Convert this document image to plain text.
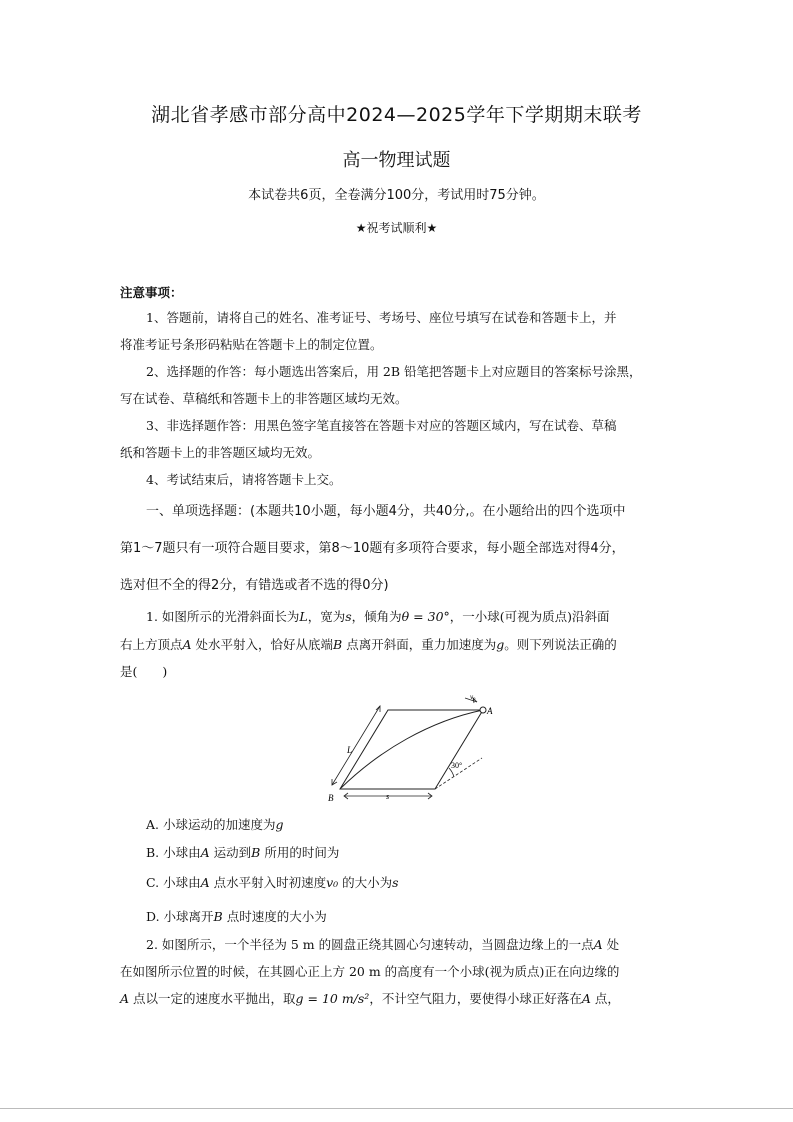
湖北省孝感市部分高中2024—2025学年下学期期末联考
高一物理试题
本试卷共6页，全卷满分100分，考试用时75分钟。
★祝考试顺利★
注意事项：
1、答题前，请将自己的姓名、准考证号、考场号、座位号填写在试卷和答题卡上，并
将准考证号条形码粘贴在答题卡上的制定位置。
2、选择题的作答：每小题选出答案后，用 2B 铅笔把答题卡上对应题目的答案标号涂黑，
写在试卷、草稿纸和答题卡上的非答题区域均无效。
3、非选择题作答：用黑色签字笔直接答在答题卡对应的答题区域内，写在试卷、草稿
纸和答题卡上的非答题区域均无效。
4、考试结束后，请将答题卡上交。
一、单项选择题：(本题共10小题，每小题4分，共40分,。在小题给出的四个选项中
第1～7题只有一项符合题目要求，第8～10题有多项符合要求，每小题全部选对得4分，
选对但不全的得2分，有错选或者不选的得0分)
1. 如图所示的光滑斜面长为L，宽为s，倾角为θ = 30°，一小球(可视为质点)沿斜面
右上方顶点A 处水平射入，恰好从底端B 点离开斜面，重力加速度为g。则下列说法正确的
是(　　)
A
B
L
v₀
s
30°
A. 小球运动的加速度为g
B. 小球由A 运动到B 所用的时间为
C. 小球由A 点水平射入时初速度v₀ 的大小为s
D. 小球离开B 点时速度的大小为
2. 如图所示，一个半径为 5 m 的圆盘正绕其圆心匀速转动，当圆盘边缘上的一点A 处
在如图所示位置的时候，在其圆心正上方 20 m 的高度有一个小球(视为质点)正在向边缘的
A 点以一定的速度水平抛出，取g = 10 m/s²，不计空气阻力，要使得小球正好落在A 点，
